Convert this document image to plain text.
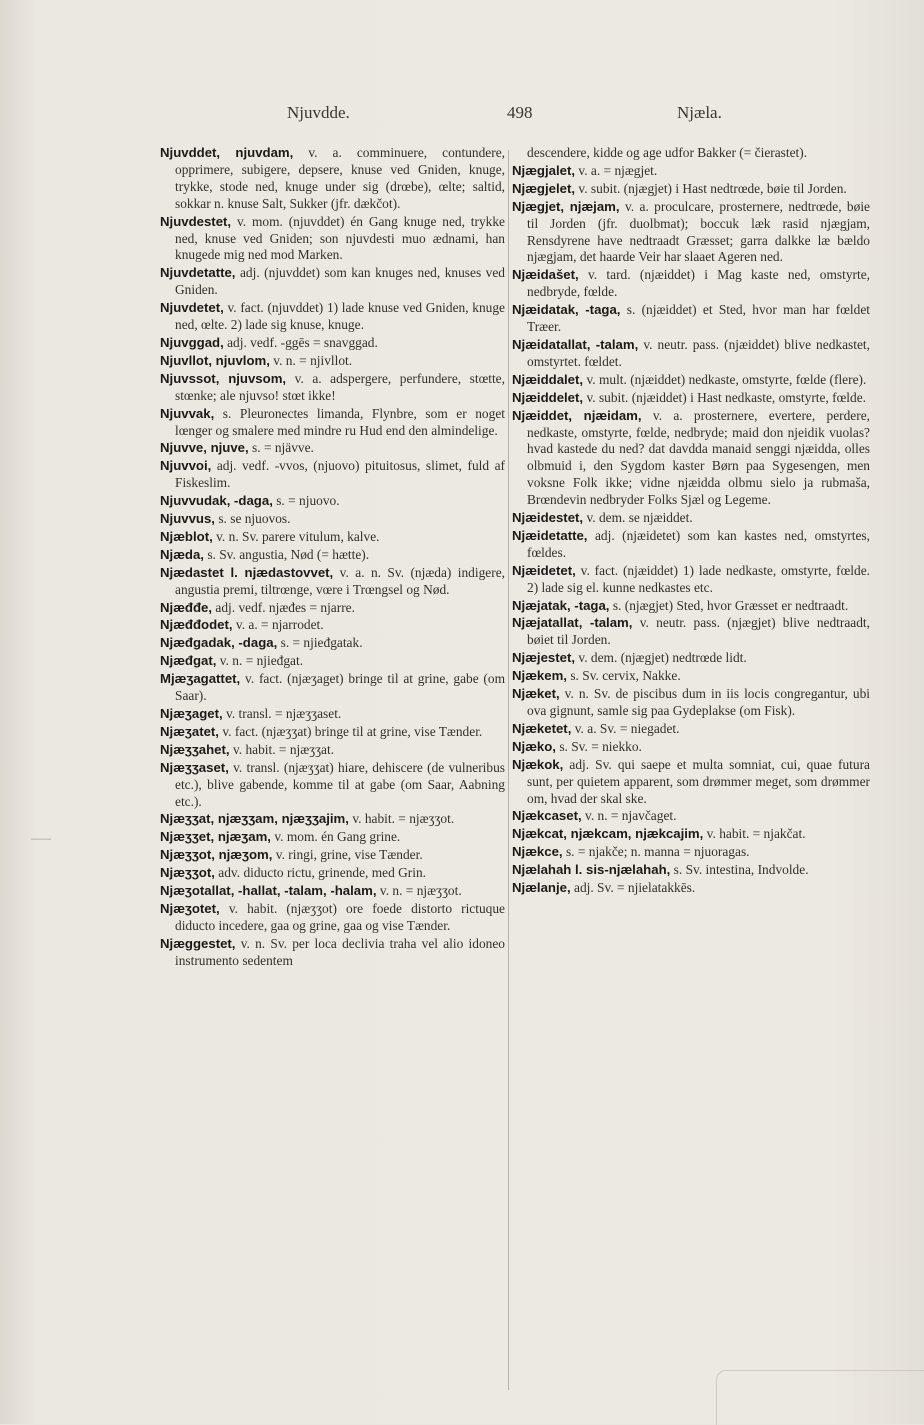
Njuvdde.	498	Njæla.
Njuvddet, njuvdam, v. a. comminuere, contundere, opprimere, subigere, depsere, knuse ved Gniden, knuge, trykke, stode ned, knuge under sig (drœbe), œlte; saltid, sokkar n. knuse Salt, Sukker (jfr. dækčot).
Njuvdestet, v. mom. (njuvddet) én Gang knuge ned, trykke ned, knuse ved Gniden; son njuvdesti muo ædnami, han knugede mig ned mod Marken.
Njuvdetatte, adj. (njuvddet) som kan knuges ned, knuses ved Gniden.
Njuvdetet, v. fact. (njuvddet) 1) lade knuse ved Gniden, knuge ned, œlte. 2) lade sig knuse, knuge.
Njuvggad, adj. vedf. -ggēs = snavggad.
Njuvllot, njuvlom, v. n. = njivllot.
Njuvssot, njuvsom, v. a. adspergere, perfundere, stœtte, stœnke; ale njuvso! stœt ikke!
Njuvvak, s. Pleuronectes limanda, Flynbre, som er noget lœnger og smalere med mindre ru Hud end den almindelige.
Njuvve, njuve, s. = njävve.
Njuvvoi, adj. vedf. -vvos, (njuovo) pituitosus, slimet, fuld af Fiskeslim.
Njuvvudak, -daga, s. = njuovo.
Njuvvus, s. se njuovos.
Njæblot, v. n. Sv. parere vitulum, kalve.
Njæda, s. Sv. angustia, Nød (= hætte).
Njædastet l. njædastovvet, v. a. n. Sv. (njæda) indigere, angustia premi, tiltrœnge, vœre i Trœngsel og Nød.
Njæđđe, adj. vedf. njæđes = njarre.
Njæđđodet, v. a. = njarrodet.
Njæđgadak, -daga, s. = njieđgatak.
Njæđgat, v. n. = njieđgat.
Mjæʒagattet, v. fact. (njæʒaget) bringe til at grine, gabe (om Saar).
Njæʒaget, v. transl. = njæʒʒaset.
Njæʒatet, v. fact. (njæʒʒat) bringe til at grine, vise Tænder.
Njæʒʒahet, v. habit. = njæʒʒat.
Njæʒʒaset, v. transl. (njæʒʒat) hiare, dehiscere (de vulneribus etc.), blive gabende, komme til at gabe (om Saar, Aabning etc.).
Njæʒʒat, njæʒʒam, njæʒʒajim, v. habit. = njæʒʒot.
Njæʒʒet, njæʒam, v. mom. én Gang grine.
Njæʒʒot, njæʒom, v. ringi, grine, vise Tænder.
Njæʒʒot, adv. diducto rictu, grinende, med Grin.
Njæʒotallat, -hallat, -talam, -halam, v. n. = njæʒʒot.
Njæʒotet, v. habit. (njæʒʒot) ore foede distorto rictuque diducto incedere, gaa og grine, gaa og vise Tænder.
Njæggestet, v. n. Sv. per loca declivia traha vel alio idoneo instrumento sedentem
descendere, kidde og age udfor Bakker (= čierastet).
Njægjalet, v. a. = njægjet.
Njægjelet, v. subit. (njægjet) i Hast nedtrœde, bøie til Jorden.
Njægjet, njæjam, v. a. proculcare, prosternere, nedtrœde, bøie til Jorden (jfr. duolbmat); boccuk læk rasid njægjam, Rensdyrene have nedtraadt Græsset; garra dalkke læ bældo njægjam, det haarde Veir har slaaet Ageren ned.
Njæidašet, v. tard. (njæiddet) i Mag kaste ned, omstyrte, nedbryde, fœlde.
Njæidatak, -taga, s. (njæiddet) et Sted, hvor man har fœldet Træer.
Njæidatallat, -talam, v. neutr. pass. (njæiddet) blive nedkastet, omstyrtet. fœldet.
Njæiddalet, v. mult. (njæiddet) nedkaste, omstyrte, fœlde (flere).
Njæiddelet, v. subit. (njæiddet) i Hast nedkaste, omstyrte, fœlde.
Njæiddet, njæidam, v. a. prosternere, evertere, perdere, nedkaste, omstyrte, fœlde, nedbryde; maid don njeidik vuolas? hvad kastede du ned? dat davdda manaid senggi njæidda, olles olbmuid i, den Sygdom kaster Børn paa Sygesengen, men voksne Folk ikke; vidne njæidda olbmu sielo ja rubmaša, Brœndevin nedbryder Folks Sjæl og Legeme.
Njæidestet, v. dem. se njæiddet.
Njæidetatte, adj. (njæidetet) som kan kastes ned, omstyrtes, fœldes.
Njæidetet, v. fact. (njæiddet) 1) lade nedkaste, omstyrte, fœlde. 2) lade sig el. kunne nedkastes etc.
Njæjatak, -taga, s. (njægjet) Sted, hvor Græsset er nedtraadt.
Njæjatallat, -talam, v. neutr. pass. (njægjet) blive nedtraadt, bøiet til Jorden.
Njæjestet, v. dem. (njægjet) nedtrœde lidt.
Njækem, s. Sv. cervix, Nakke.
Njæket, v. n. Sv. de piscibus dum in iis locis congregantur, ubi ova gignunt, samle sig paa Gydeplakse (om Fisk).
Njæketet, v. a. Sv. = niegadet.
Njæko, s. Sv. = niekko.
Njækok, adj. Sv. qui saepe et multa somniat, cui, quae futura sunt, per quietem apparent, som drømmer meget, som drømmer om, hvad der skal ske.
Njækcaset, v. n. = njavčaget.
Njækcat, njækcam, njækcajim, v. habit. = njakčat.
Njækce, s. = njakče; n. manna = njuoragas.
Njælahah l. sis-njælahah, s. Sv. intestina, Indvolde.
Njælanje, adj. Sv. = njielatakkēs.
—
